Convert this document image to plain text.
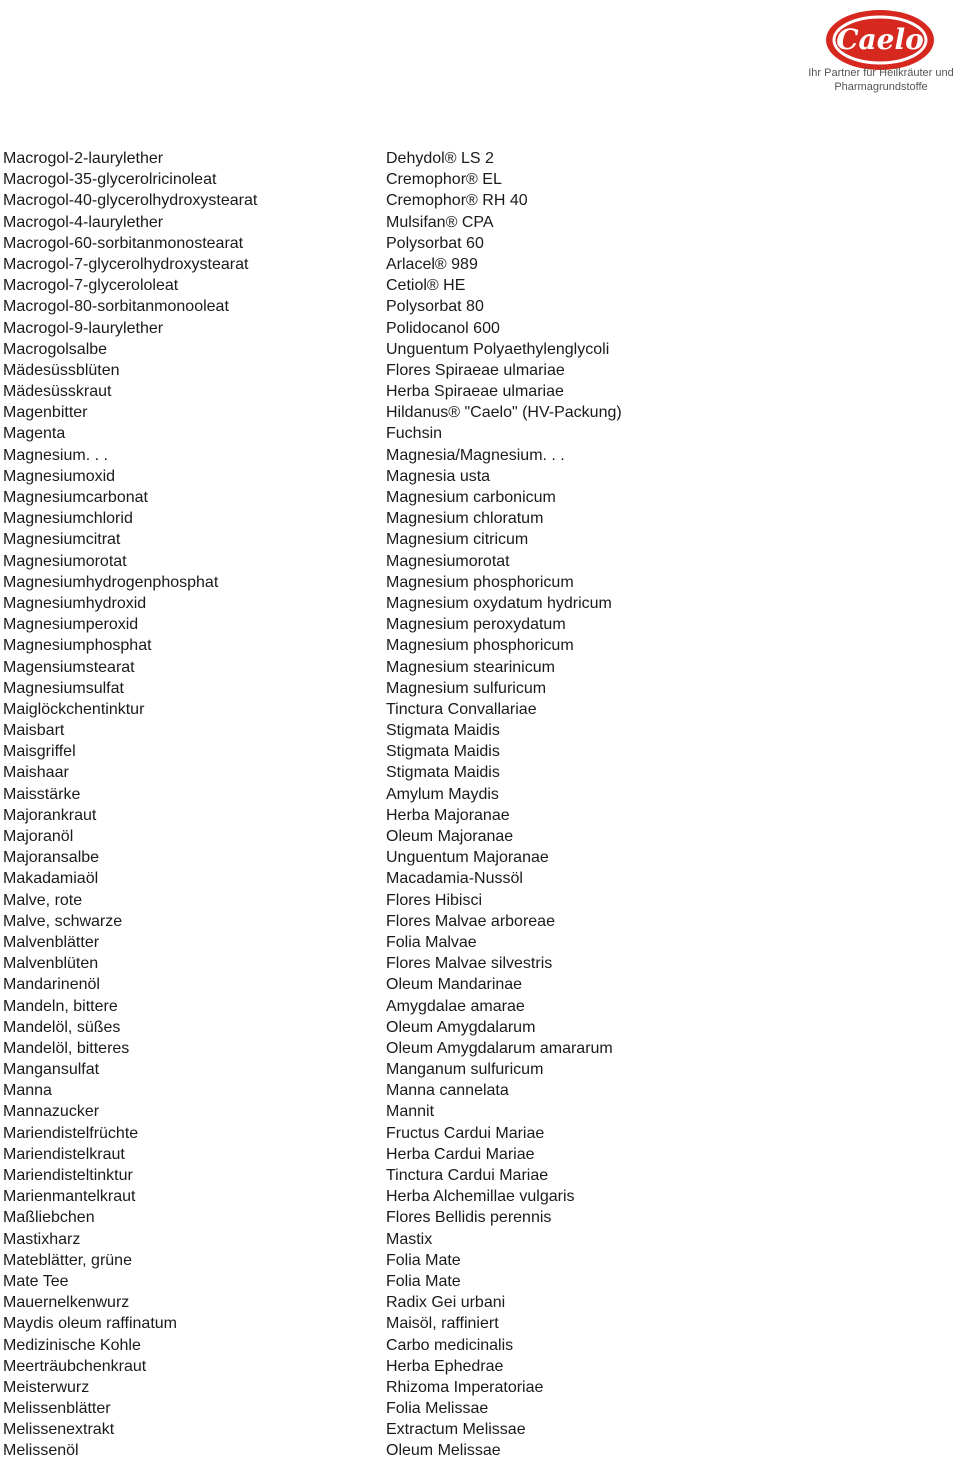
Caelo
Ihr Partner für Heilkräuter und
Pharmagrundstoffe
Macrogol-2-laurylether	Dehydol® LS 2
Macrogol-35-glycerolricinoleat	Cremophor® EL
Macrogol-40-glycerolhydroxystearat	Cremophor® RH 40
Macrogol-4-laurylether	Mulsifan® CPA
Macrogol-60-sorbitanmonostearat	Polysorbat 60
Macrogol-7-glycerolhydroxystearat	Arlacel® 989
Macrogol-7-glycerololeat	Cetiol® HE
Macrogol-80-sorbitanmonooleat	Polysorbat 80
Macrogol-9-laurylether	Polidocanol 600
Macrogolsalbe	Unguentum Polyaethylenglycoli
Mädesüssblüten	Flores Spiraeae ulmariae
Mädesüsskraut	Herba Spiraeae ulmariae
Magenbitter	Hildanus® "Caelo" (HV-Packung)
Magenta	Fuchsin
Magnesium. . .	Magnesia/Magnesium. . .
Magnesiumoxid	Magnesia usta
Magnesiumcarbonat	Magnesium carbonicum
Magnesiumchlorid	Magnesium chloratum
Magnesiumcitrat	Magnesium citricum
Magnesiumorotat	Magnesiumorotat
Magnesiumhydrogenphosphat	Magnesium phosphoricum
Magnesiumhydroxid	Magnesium oxydatum hydricum
Magnesiumperoxid	Magnesium peroxydatum
Magnesiumphosphat	Magnesium phosphoricum
Magensiumstearat	Magnesium stearinicum
Magnesiumsulfat	Magnesium sulfuricum
Maiglöckchentinktur	Tinctura Convallariae
Maisbart	Stigmata Maidis
Maisgriffel	Stigmata Maidis
Maishaar	Stigmata Maidis
Maisstärke	Amylum Maydis
Majorankraut	Herba Majoranae
Majoranöl	Oleum Majoranae
Majoransalbe	Unguentum Majoranae
Makadamiaöl	Macadamia-Nussöl
Malve, rote	Flores Hibisci
Malve, schwarze	Flores Malvae arboreae
Malvenblätter	Folia Malvae
Malvenblüten	Flores Malvae silvestris
Mandarinenöl	Oleum Mandarinae
Mandeln, bittere	Amygdalae amarae
Mandelöl, süßes	Oleum Amygdalarum
Mandelöl, bitteres	Oleum Amygdalarum amararum
Mangansulfat	Manganum sulfuricum
Manna	Manna cannelata
Mannazucker	Mannit
Mariendistelfrüchte	Fructus Cardui Mariae
Mariendistelkraut	Herba Cardui Mariae
Mariendisteltinktur	Tinctura Cardui Mariae
Marienmantelkraut	Herba Alchemillae vulgaris
Maßliebchen	Flores Bellidis perennis
Mastixharz	Mastix
Mateblätter, grüne	Folia Mate
Mate Tee	Folia Mate
Mauernelkenwurz	Radix Gei urbani
Maydis oleum raffinatum	Maisöl, raffiniert
Medizinische Kohle	Carbo medicinalis
Meerträubchenkraut	Herba Ephedrae
Meisterwurz	Rhizoma Imperatoriae
Melissenblätter	Folia Melissae
Melissenextrakt	Extractum Melissae
Melissenöl	Oleum Melissae
